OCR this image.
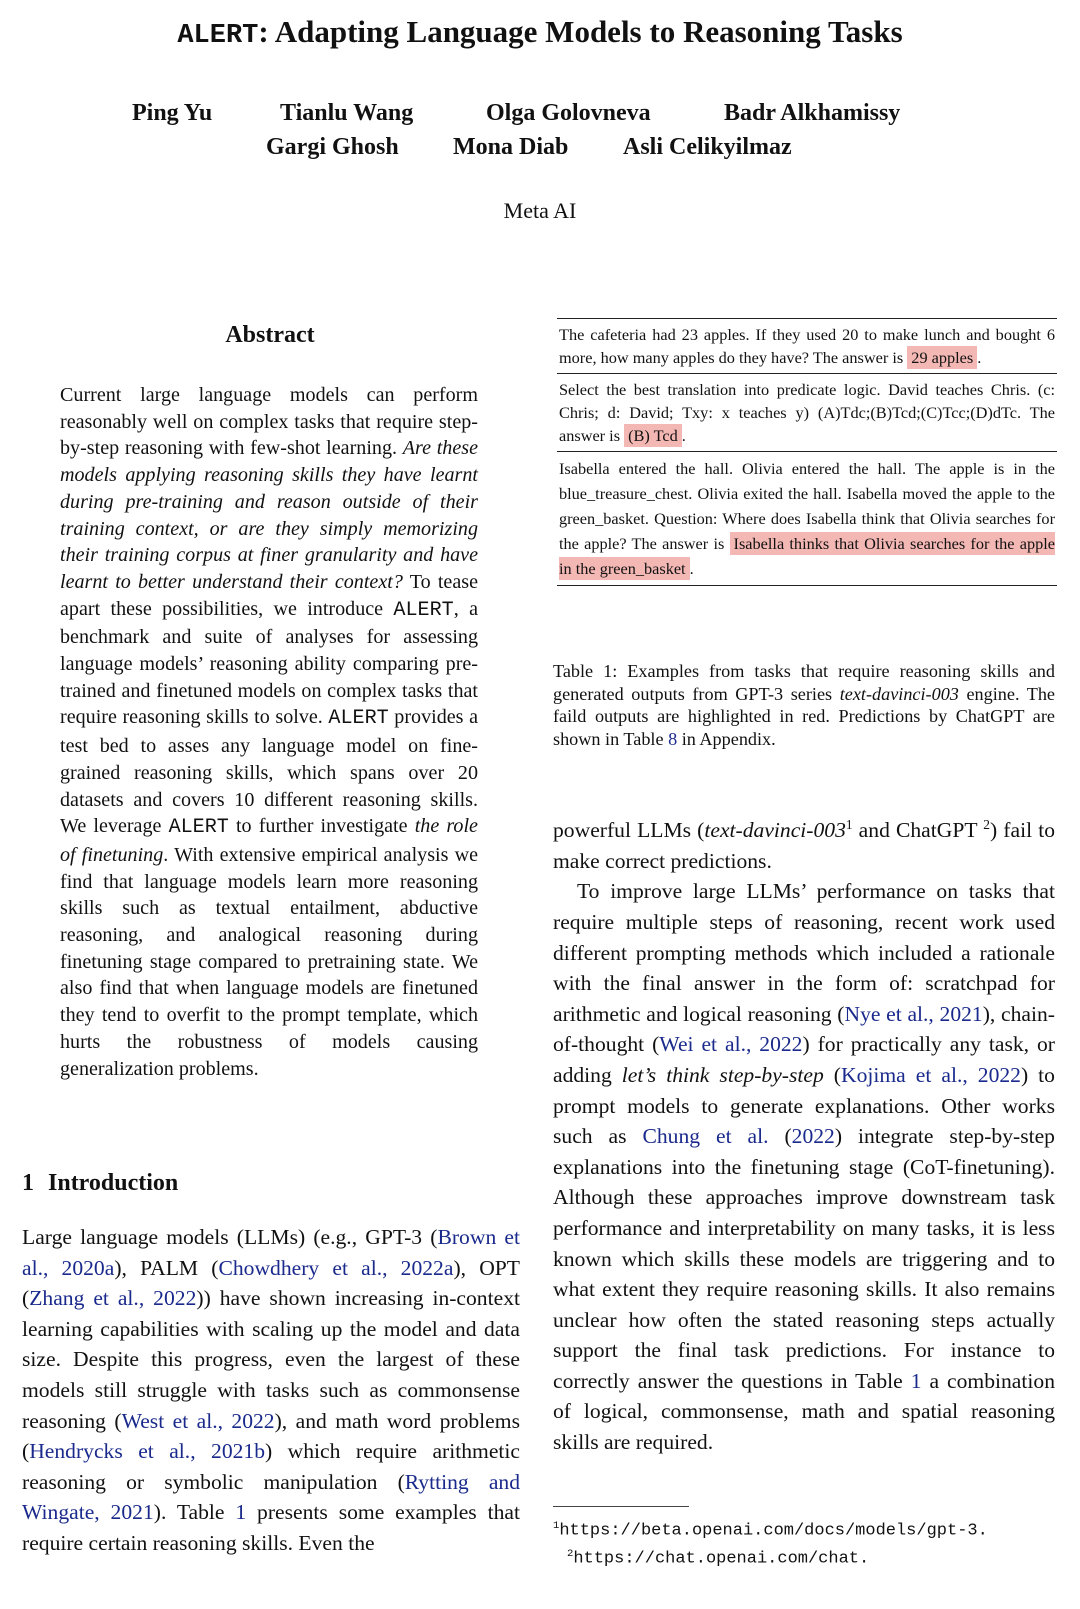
ALERT: Adapting Language Models to Reasoning Tasks
Ping Yu	Tianlu Wang	Olga Golovneva	Badr Alkhamissy
Gargi Ghosh Mona Diab Asli Celikyilmaz
Meta AI
Abstract
Current large language models can perform reasonably well on complex tasks that require step-by-step reasoning with few-shot learning. Are these models applying reasoning skills they have learnt during pre-training and reason outside of their training context, or are they simply memorizing their training corpus at finer granularity and have learnt to better understand their context? To tease apart these possibilities, we introduce ALERT, a benchmark and suite of analyses for assessing language models’ reasoning ability comparing pre-trained and finetuned models on complex tasks that require reasoning skills to solve. ALERT provides a test bed to asses any language model on fine-grained reasoning skills, which spans over 20 datasets and covers 10 different reasoning skills. We leverage ALERT to further investigate the role of finetuning. With extensive empirical analysis we find that language models learn more reasoning skills such as textual entailment, abductive reasoning, and analogical reasoning during finetuning stage compared to pretraining state. We also find that when language models are finetuned they tend to overfit to the prompt template, which hurts the robustness of models causing generalization problems.
1 Introduction
Large language models (LLMs) (e.g., GPT-3 (Brown et al., 2020a), PALM (Chowdhery et al., 2022a), OPT (Zhang et al., 2022)) have shown increasing in-context learning capabilities with scaling up the model and data size. Despite this progress, even the largest of these models still struggle with tasks such as commonsense reasoning (West et al., 2022), and math word problems (Hendrycks et al., 2021b) which require arithmetic reasoning or symbolic manipulation (Rytting and Wingate, 2021). Table 1 presents some examples that require certain reasoning skills. Even the
The cafeteria had 23 apples. If they used 20 to make lunch and bought 6 more, how many apples do they have? The answer is 29 apples .
Select the best translation into predicate logic. David teaches Chris. (c: Chris; d: David; Txy: x teaches y) (A)Tdc;(B)Tcd;(C)Tcc;(D)dTc. The answer is (B) Tcd .
Isabella entered the hall. Olivia entered the hall. The apple is in the blue_treasure_chest. Olivia exited the hall. Isabella moved the apple to the green_basket. Question: Where does Isabella think that Olivia searches for the apple? The answer is Isabella thinks that Olivia searches for the apple in the green_basket .
Table 1: Examples from tasks that require reasoning skills and generated outputs from GPT-3 series text-davinci-003 engine. The faild outputs are highlighted in red. Predictions by ChatGPT are shown in Table 8 in Appendix.
powerful LLMs ($text-davinci-003^1$ and ChatGPT $^2$) fail to make correct predictions.
To improve large LLMs’ performance on tasks that require multiple steps of reasoning, recent work used different prompting methods which included a rationale with the final answer in the form of: scratchpad for arithmetic and logical reasoning (Nye et al., 2021), chain-of-thought (Wei et al., 2022) for practically any task, or adding let’s think step-by-step (Kojima et al., 2022) to prompt models to generate explanations. Other works such as Chung et al. (2022) integrate step-by-step explanations into the finetuning stage (CoT-finetuning). Although these approaches improve downstream task performance and interpretability on many tasks, it is less known which skills these models are triggering and to what extent they require reasoning skills. It also remains unclear how often the stated reasoning steps actually support the final task predictions. For instance to correctly answer the questions in Table 1 a combination of logical, commonsense, math and spatial reasoning skills are required.
$^1$https://beta.openai.com/docs/models/gpt-3.
$^2$https://chat.openai.com/chat.
